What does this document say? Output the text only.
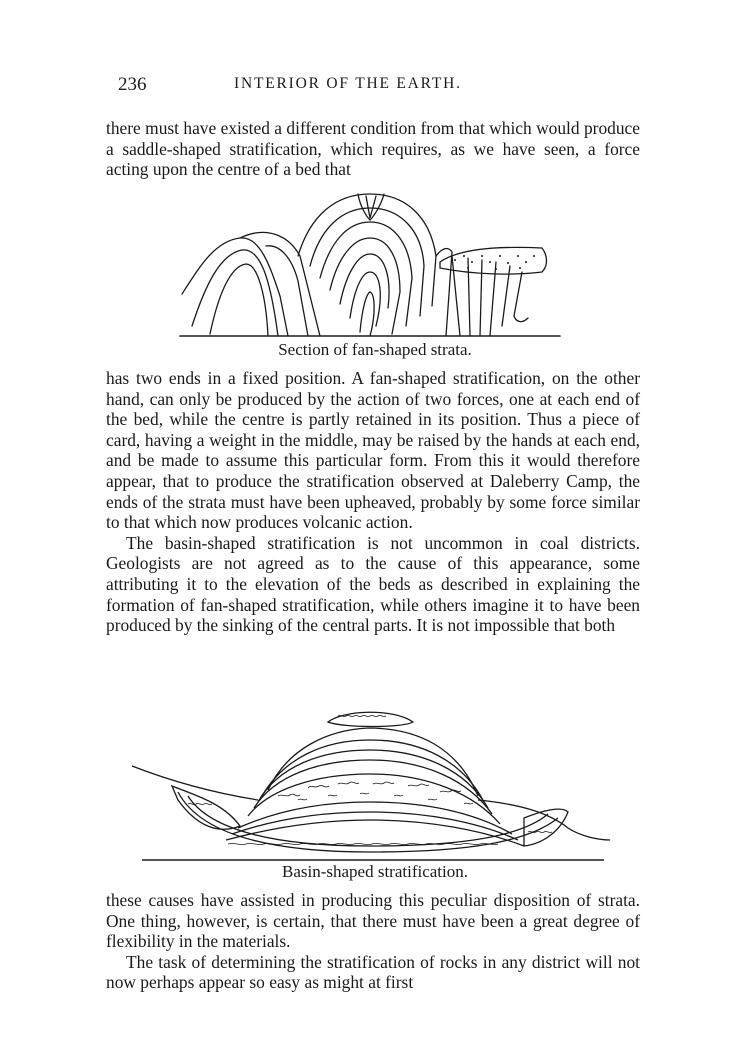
236	INTERIOR OF THE EARTH.

there must have existed a different condition from that which would produce a saddle-shaped stratification, which requires, as we have seen, a force acting upon the centre of a bed that

Section of fan-shaped strata.

has two ends in a fixed position. A fan-shaped stratification, on the other hand, can only be produced by the action of two forces, one at each end of the bed, while the centre is partly retained in its position. Thus a piece of card, having a weight in the middle, may be raised by the hands at each end, and be made to assume this particular form. From this it would therefore appear, that to produce the stratification observed at Daleberry Camp, the ends of the strata must have been upheaved, probably by some force similar to that which now produces volcanic action.

The basin-shaped stratification is not uncommon in coal districts. Geologists are not agreed as to the cause of this appearance, some attributing it to the elevation of the beds as described in explaining the formation of fan-shaped stratification, while others imagine it to have been produced by the sinking of the central parts. It is not impossible that both

Basin-shaped stratification.

these causes have assisted in producing this peculiar disposition of strata. One thing, however, is certain, that there must have been a great degree of flexibility in the materials.

The task of determining the stratification of rocks in any district will not now perhaps appear so easy as might at first
